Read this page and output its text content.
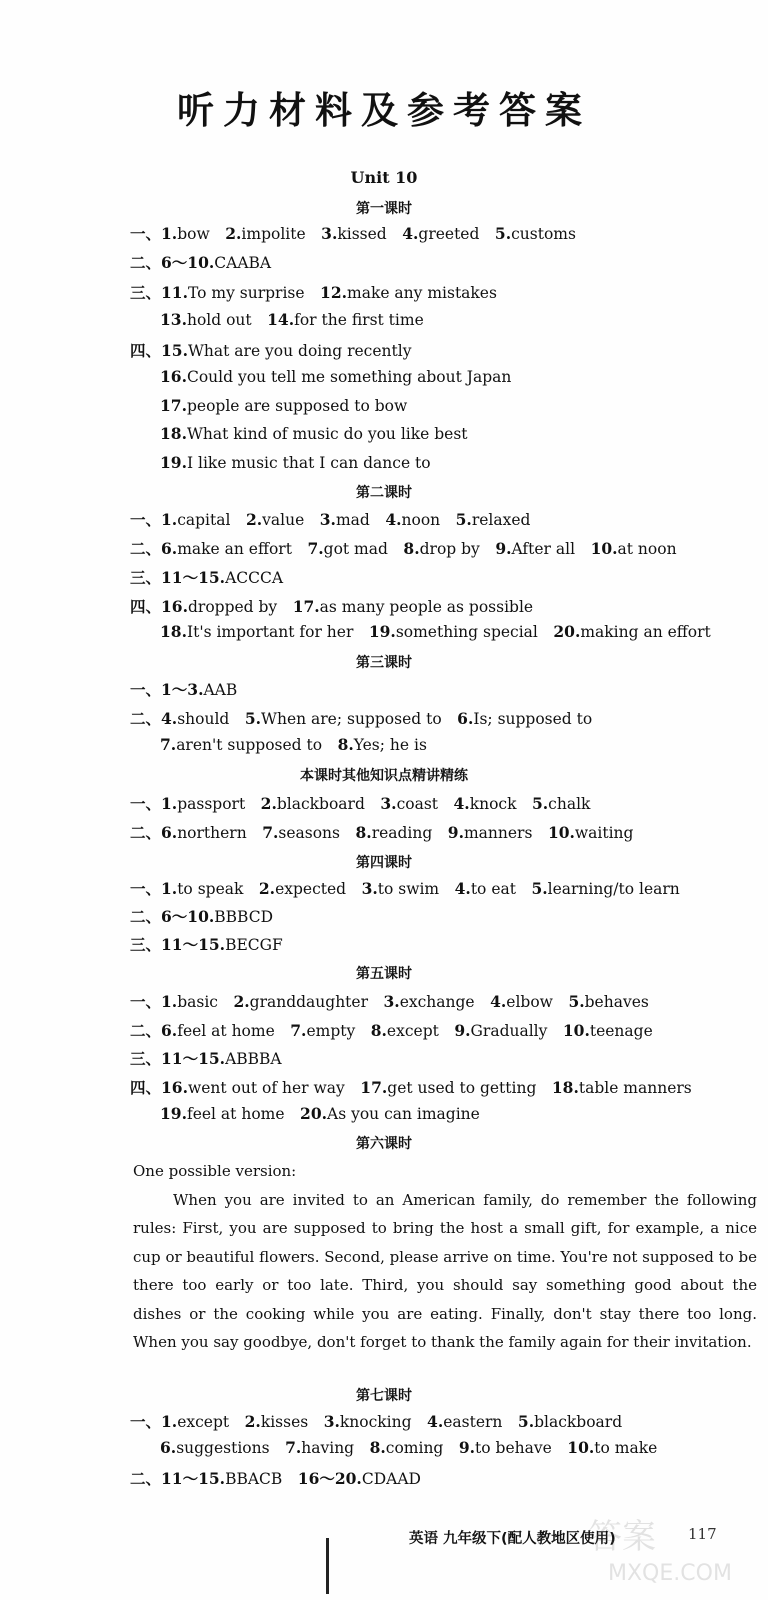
听力材料及参考答案
Unit 10
第一课时
一、1.bow   2.impolite   3.kissed   4.greeted   5.customs
二、6～10.CAABA
三、11.To my surprise   12.make any mistakes
13.hold out   14.for the first time
四、15.What are you doing recently
16.Could you tell me something about Japan
17.people are supposed to bow
18.What kind of music do you like best
19.I like music that I can dance to
第二课时
一、1.capital   2.value   3.mad   4.noon   5.relaxed
二、6.make an effort   7.got mad   8.drop by   9.After all   10.at noon
三、11～15.ACCCA
四、16.dropped by   17.as many people as possible
18.It's important for her   19.something special   20.making an effort
第三课时
一、1～3.AAB
二、4.should   5.When are; supposed to   6.Is; supposed to
7.aren't supposed to   8.Yes; he is
本课时其他知识点精讲精练
一、1.passport   2.blackboard   3.coast   4.knock   5.chalk
二、6.northern   7.seasons   8.reading   9.manners   10.waiting
第四课时
一、1.to speak   2.expected   3.to swim   4.to eat   5.learning/to learn
二、6～10.BBBCD
三、11～15.BECGF
第五课时
一、1.basic   2.granddaughter   3.exchange   4.elbow   5.behaves
二、6.feel at home   7.empty   8.except   9.Gradually   10.teenage
三、11～15.ABBBA
四、16.went out of her way   17.get used to getting   18.table manners
19.feel at home   20.As you can imagine
第六课时

One possible version:

When you are invited to an American family, do remember the following rules: First, you are supposed to bring the host a small gift, for example, a nice cup or beautiful flowers. Second, please arrive on time. You're not supposed to be there too early or too late. Third, you should say something good about the dishes or the cooking while you are eating. Finally, don't stay there too long. When you say goodbye, don't forget to thank the family again for their invitation.

第七课时
一、1.except   2.kisses   3.knocking   4.eastern   5.blackboard
6.suggestions   7.having   8.coming   9.to behave   10.to make
二、11～15.BBACB   16～20.CDAAD
英语 九年级下(配人教地区使用)	117
答案
MXQE.COM
